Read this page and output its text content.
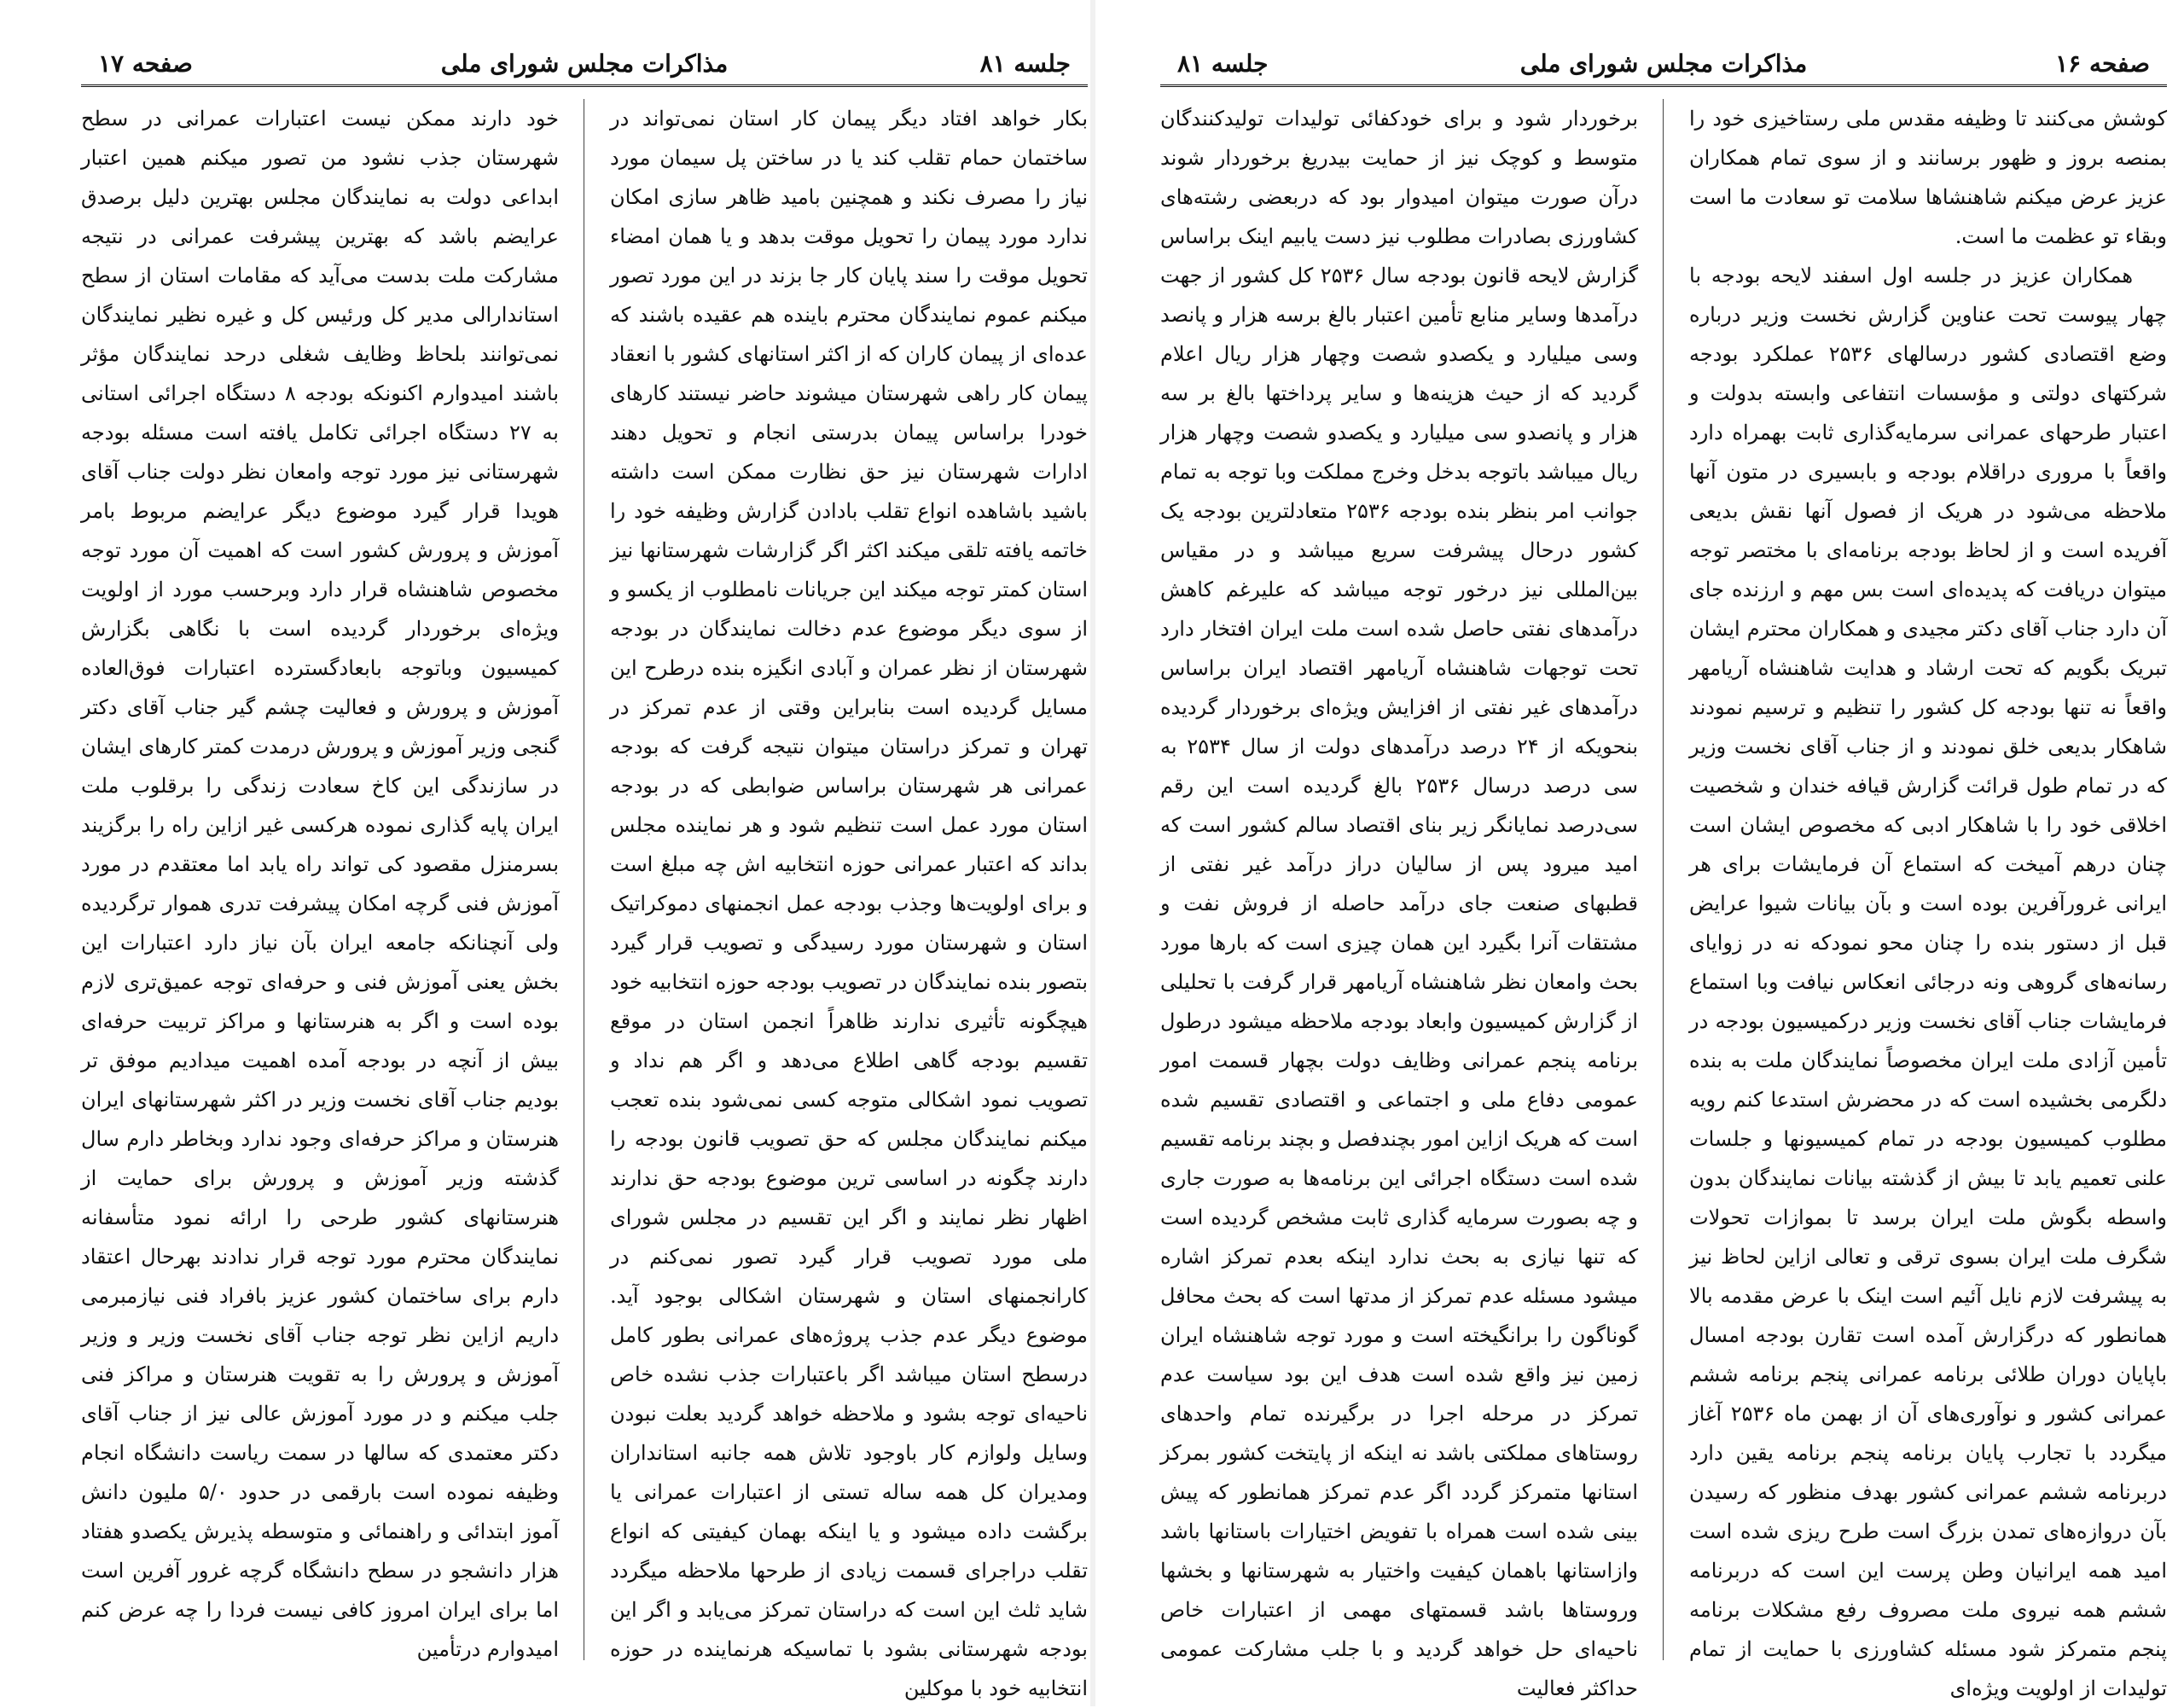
صفحه ۱۷	مذاکرات مجلس شورای ملی	جلسه ۸۱

بکار خواهد افتاد دیگر پیمان کار استان نمی‌تواند در ساختمان حمام تقلب کند یا در ساختن پل سیمان مورد نیاز را مصرف نکند و همچنین بامید ظاهر سازی امکان ندارد مورد پیمان را تحویل موقت بدهد و یا همان امضاء تحویل موقت را سند پایان کار جا بزند در این مورد تصور میکنم عموم نمایندگان محترم باینده هم عقیده باشند که عده‌ای از پیمان کاران که از اکثر استانهای کشور با انعقاد پیمان کار راهی شهرستان میشوند حاضر نیستند کارهای خودرا براساس پیمان بدرستی انجام و تحویل دهند ادارات شهرستان نیز حق نظارت ممکن است داشته باشید باشاهده انواع تقلب بادادن گزارش وظیفه خود را خاتمه یافته تلقی میکند اکثر اگر گزارشات شهرستانها نیز استان کمتر توجه میکند این جریانات نامطلوب از یکسو و از سوی دیگر موضوع عدم دخالت نمایندگان در بودجه شهرستان از نظر عمران و آبادی انگیزه بنده درطرح این مسایل گردیده است بنابراین وقتی از عدم تمرکز در تهران و تمرکز دراستان میتوان نتیجه گرفت که بودجه عمرانی هر شهرستان براساس ضوابطی که در بودجه استان مورد عمل است تنظیم شود و هر نماینده مجلس بداند که اعتبار عمرانی حوزه انتخابیه اش چه مبلغ است و برای اولویت‌ها وجذب بودجه عمل انجمنهای دموکراتیک استان و شهرستان مورد رسیدگی و تصویب قرار گیرد بتصور بنده نمایندگان در تصویب بودجه حوزه انتخابیه خود هیچگونه تأثیری ندارند ظاهراً انجمن استان در موقع تقسیم بودجه گاهی اطلاع می‌دهد و اگر هم نداد و تصویب نمود اشکالی متوجه کسی نمی‌شود بنده تعجب میکنم نمایندگان مجلس که حق تصویب قانون بودجه را دارند چگونه در اساسی ترین موضوع بودجه حق ندارند اظهار نظر نمایند و اگر این تقسیم در مجلس شورای ملی مورد تصویب قرار گیرد تصور نمی‌کنم در کارانجمنهای استان و شهرستان اشکالی بوجود آید. موضوع دیگر عدم جذب پروژه‌های عمرانی بطور کامل درسطح استان میباشد اگر باعتبارات جذب نشده خاص ناحیه‌ای توجه بشود و ملاحظه خواهد گردید بعلت نبودن وسایل ولوازم کار باوجود تلاش همه جانبه استانداران ومدیران کل همه ساله تستی از اعتبارات عمرانی یا برگشت داده میشود و یا اینکه بهمان کیفیتی که انواع تقلب دراجرای قسمت زیادی از طرحها ملاحظه میگردد شاید ثلث این است که دراستان تمرکز می‌یابد و اگر این بودجه شهرستانی بشود با تماسیکه هرنماینده در حوزه انتخابیه خود با موکلین

خود دارند ممکن نیست اعتبارات عمرانی در سطح شهرستان جذب نشود من تصور میکنم همین اعتبار ابداعی دولت به نمایندگان مجلس بهترین دلیل برصدق عرایضم باشد که بهترین پیشرفت عمرانی در نتیجه مشارکت ملت بدست می‌آید که مقامات استان از سطح استاندارالی مدیر کل ورئیس کل و غیره نظیر نمایندگان نمی‌توانند بلحاظ وظایف شغلی درحد نمایندگان مؤثر باشند امیدوارم اکنونکه بودجه ۸ دستگاه اجرائی استانی به ۲۷ دستگاه اجرائی تکامل یافته است مسئله بودجه شهرستانی نیز مورد توجه وامعان نظر دولت جناب آقای هویدا قرار گیرد موضوع دیگر عرایضم مربوط بامر آموزش و پرورش کشور است که اهمیت آن مورد توجه مخصوص شاهنشاه قرار دارد وبرحسب مورد از اولویت ویژه‌ای برخوردار گردیده است با نگاهی بگزارش کمیسیون وباتوجه بابعادگسترده اعتبارات فوق‌العاده آموزش و پرورش و فعالیت چشم گیر جناب آقای دکتر گنجی وزیر آموزش و پرورش درمدت کمتر کارهای ایشان در سازندگی این کاخ سعادت زندگی را برقلوب ملت ایران پایه گذاری نموده هرکسی غیر ازاین راه را برگزیند بسرمنزل مقصود کی تواند راه یابد اما معتقدم در مورد آموزش فنی گرچه امکان پیشرفت تدری هموار ترگردیده ولی آنچنانکه جامعه ایران بآن نیاز دارد اعتبارات این بخش یعنی آموزش فنی و حرفه‌ای توجه عمیق‌تری لازم بوده است و اگر به هنرستانها و مراکز تربیت حرفه‌ای بیش از آنچه در بودجه آمده اهمیت میدادیم موفق تر بودیم جناب آقای نخست وزیر در اکثر شهرستانهای ایران هنرستان و مراکز حرفه‌ای وجود ندارد وبخاطر دارم سال گذشته وزیر آموزش و پرورش برای حمایت از هنرستانهای کشور طرحی را ارائه نمود متأسفانه نمایندگان محترم مورد توجه قرار ندادند بهرحال اعتقاد دارم برای ساختمان کشور عزیز بافراد فنی نیازمبرمی داریم ازاین نظر توجه جناب آقای نخست وزیر و وزیر آموزش و پرورش را به تقویت هنرستان و مراکز فنی جلب میکنم و در مورد آموزش عالی نیز از جناب آقای دکتر معتمدی که سالها در سمت ریاست دانشگاه انجام وظیفه نموده است بارقمی در حدود ۵/۰ ملیون دانش آموز ابتدائی و راهنمائی و متوسطه پذیرش یکصدو هفتاد هزار دانشجو در سطح دانشگاه گرچه غرور آفرین است اما برای ایران امروز کافی نیست فردا را چه عرض کنم امیدوارم درتأمین

جلسه ۸۱	مذاکرات مجلس شورای ملی	صفحه ۱۶

کوشش می‌کنند تا وظیفه مقدس ملی رستاخیزی خود را بمنصه بروز و ظهور برسانند و از سوی تمام همکاران عزیز عرض میکنم شاهنشاها سلامت تو سعادت ما است وبقاء تو عظمت ما است.

همکاران عزیز در جلسه اول اسفند لایحه بودجه با چهار پیوست تحت عناوین گزارش نخست وزیر درباره وضع اقتصادی کشور درسالهای ۲۵۳۶ عملکرد بودجه شرکتهای دولتی و مؤسسات انتفاعی وابسته بدولت و اعتبار طرحهای عمرانی سرمایه‌گذاری ثابت بهمراه دارد واقعاً با مروری دراقلام بودجه و بابسیری در متون آنها ملاحظه می‌شود در هریک از فصول آنها نقش بدیعی آفریده است و از لحاظ بودجه برنامه‌ای با مختصر توجه میتوان دریافت که پدیده‌ای است بس مهم و ارزنده جای آن دارد جناب آقای دکتر مجیدی و همکاران محترم ایشان تبریک بگویم که تحت ارشاد و هدایت شاهنشاه آریامهر واقعاً نه تنها بودجه کل کشور را تنظیم و ترسیم نمودند شاهکار بدیعی خلق نمودند و از جناب آقای نخست وزیر که در تمام طول قرائت گزارش قیافه خندان و شخصیت اخلاقی خود را با شاهکار ادبی که مخصوص ایشان است چنان درهم آمیخت که استماع آن فرمایشات برای هر ایرانی غرورآفرین بوده است و بآن بیانات شیوا عرایض قبل از دستور بنده را چنان محو نمودکه نه در زوایای رسانه‌های گروهی ونه درجائی انعکاس نیافت وبا استماع فرمایشات جناب آقای نخست وزیر درکمیسیون بودجه در تأمین آزادی ملت ایران مخصوصاً نمایندگان ملت به بنده دلگرمی بخشیده است که در محضرش استدعا کنم رویه مطلوب کمیسیون بودجه در تمام کمیسیونها و جلسات علنی تعمیم یابد تا بیش از گذشته بیانات نمایندگان بدون واسطه بگوش ملت ایران برسد تا بموازات تحولات شگرف ملت ایران بسوی ترقی و تعالی ازاین لحاظ نیز به پیشرفت لازم نایل آئیم است اینک با عرض مقدمه بالا همانطور که درگزارش آمده است تقارن بودجه امسال باپایان دوران طلائی برنامه عمرانی پنجم برنامه ششم عمرانی کشور و نوآوری‌های آن از بهمن ماه ۲۵۳۶ آغاز میگردد با تجارب پایان برنامه پنجم برنامه یقین دارد دربرنامه ششم عمرانی کشور بهدف منظور که رسیدن بآن دروازه‌های تمدن بزرگ است طرح ریزی شده است امید همه ایرانیان وطن پرست این است که دربرنامه ششم همه نیروی ملت مصروف رفع مشکلات برنامه پنجم متمرکز شود مسئله کشاورزی با حمایت از تمام تولیدات از اولویت ویژه‌ای

برخوردار شود و برای خودکفائی تولیدات تولیدکنندگان متوسط و کوچک نیز از حمایت بیدریغ برخوردار شوند درآن صورت میتوان امیدوار بود که دربعضی رشته‌های کشاورزی بصادرات مطلوب نیز دست یابیم اینک براساس گزارش لایحه قانون بودجه سال ۲۵۳۶ کل کشور از جهت درآمدها وسایر منابع تأمین اعتبار بالغ برسه هزار و پانصد وسی میلیارد و یکصدو شصت وچهار هزار ریال اعلام گردید که از حیث هزینه‌ها و سایر پرداختها بالغ بر سه هزار و پانصدو سی میلیارد و یکصدو شصت وچهار هزار ریال میباشد باتوجه بدخل وخرج مملکت وبا توجه به تمام جوانب امر بنظر بنده بودجه ۲۵۳۶ متعادلترین بودجه یک کشور درحال پیشرفت سریع میباشد و در مقیاس بین‌المللی نیز درخور توجه میباشد که علیرغم کاهش درآمدهای نفتی حاصل شده است ملت ایران افتخار دارد تحت توجهات شاهنشاه آریامهر اقتصاد ایران براساس درآمدهای غیر نفتی از افزایش ویژه‌ای برخوردار گردیده بنحویکه از ۲۴ درصد درآمدهای دولت از سال ۲۵۳۴ به سی درصد درسال ۲۵۳۶ بالغ گردیده است این رقم سی‌درصد نمایانگر زیر بنای اقتصاد سالم کشور است که امید میرود پس از سالیان دراز درآمد غیر نفتی از قطبهای صنعت جای درآمد حاصله از فروش نفت و مشتقات آنرا بگیرد این همان چیزی است که بارها مورد بحث وامعان نظر شاهنشاه آریامهر قرار گرفت با تحلیلی از گزارش کمیسیون وابعاد بودجه ملاحظه میشود درطول برنامه پنجم عمرانی وظایف دولت بچهار قسمت امور عمومی دفاع ملی و اجتماعی و اقتصادی تقسیم شده است که هریک ازاین امور بچندفصل و بچند برنامه تقسیم شده است دستگاه اجرائی این برنامه‌ها به صورت جاری و چه بصورت سرمایه گذاری ثابت مشخص گردیده است که تنها نیازی به بحث ندارد اینکه بعدم تمرکز اشاره میشود مسئله عدم تمرکز از مدتها است که بحث محافل گوناگون را برانگیخته است و مورد توجه شاهنشاه ایران زمین نیز واقع شده است هدف این بود سیاست عدم تمرکز در مرحله اجرا در برگیرنده تمام واحدهای روستاهای مملکتی باشد نه اینکه از پایتخت کشور بمرکز استانها متمرکز گردد اگر عدم تمرکز همانطور که پیش بینی شده است همراه با تفویض اختیارات باستانها باشد وازاستانها باهمان کیفیت واختیار به شهرستانها و بخشها وروستاها باشد قسمتهای مهمی از اعتبارات خاص ناحیه‌ای حل خواهد گردید و با جلب مشارکت عمومی حداکثر فعالیت
